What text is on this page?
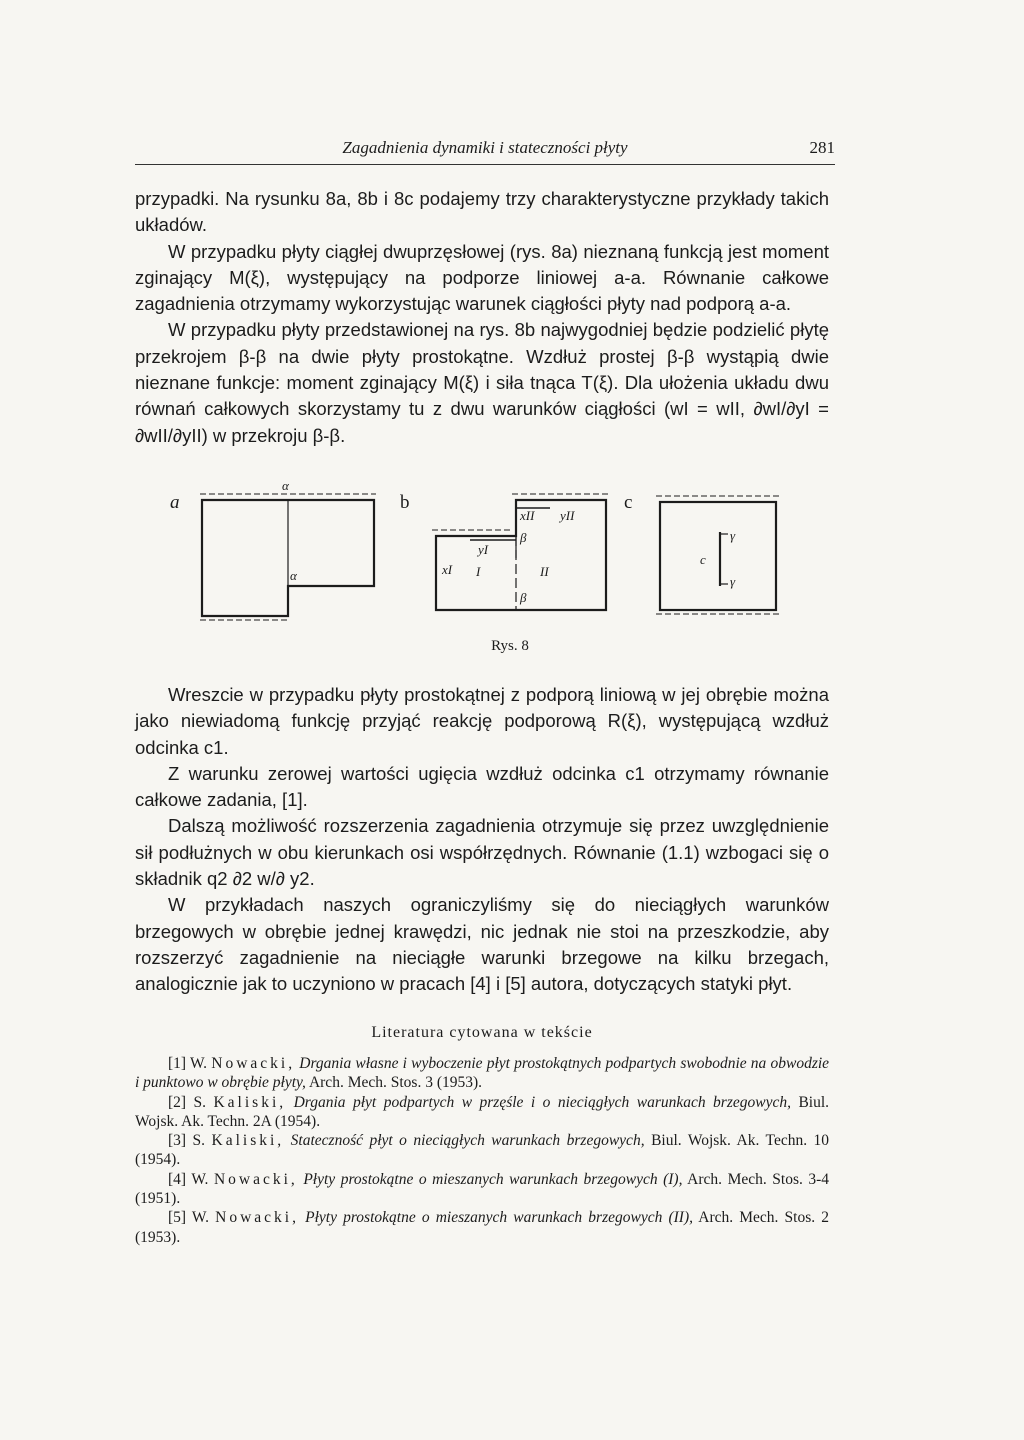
Zagadnienia dynamiki i stateczności płyty	281

przypadki. Na rysunku 8a, 8b i 8c podajemy trzy charakterystyczne przykłady takich układów.

W przypadku płyty ciągłej dwuprzęsłowej (rys. 8a) nieznaną funkcją jest moment zginający M(ξ), występujący na podporze liniowej a-a. Równanie całkowe zagadnienia otrzymamy wykorzystując warunek ciągłości płyty nad podporą a-a.

W przypadku płyty przedstawionej na rys. 8b najwygodniej będzie podzielić płytę przekrojem β-β na dwie płyty prostokątne. Wzdłuż prostej β-β wystąpią dwie nieznane funkcje: moment zginający M(ξ) i siła tnąca T(ξ). Dla ułożenia układu dwu równań całkowych skorzystamy tu z dwu warunków ciągłości (wI = wII, ∂wI/∂yI = ∂wII/∂yII) w przekroju β-β.

a	b	c
α
α
xII yII
yI
xI
β
β
I	II
γ
γ
c
Rys. 8

Wreszcie w przypadku płyty prostokątnej z podporą liniową w jej obrębie można jako niewiadomą funkcję przyjąć reakcję podporową R(ξ), występującą wzdłuż odcinka c1.

Z warunku zerowej wartości ugięcia wzdłuż odcinka c1 otrzymamy równanie całkowe zadania, [1].

Dalszą możliwość rozszerzenia zagadnienia otrzymuje się przez uwzględnienie sił podłużnych w obu kierunkach osi współrzędnych. Równanie (1.1) wzbogaci się o składnik q2 ∂2 w/∂ y2.

W przykładach naszych ograniczyliśmy się do nieciągłych warunków brzegowych w obrębie jednej krawędzi, nic jednak nie stoi na przeszkodzie, aby rozszerzyć zagadnienie na nieciągłe warunki brzegowe na kilku brzegach, analogicznie jak to uczyniono w pracach [4] i [5] autora, dotyczących statyki płyt.

Literatura cytowana w tekście

[1] W. Nowacki, Drgania własne i wyboczenie płyt prostokątnych podpartych swobodnie na obwodzie i punktowo w obrębie płyty, Arch. Mech. Stos. 3 (1953).

[2] S. Kaliski, Drgania płyt podpartych w przęśle i o nieciągłych warunkach brzegowych, Biul. Wojsk. Ak. Techn. 2A (1954).

[3] S. Kaliski, Stateczność płyt o nieciągłych warunkach brzegowych, Biul. Wojsk. Ak. Techn. 10 (1954).

[4] W. Nowacki, Płyty prostokątne o mieszanych warunkach brzegowych (I), Arch. Mech. Stos. 3-4 (1951).

[5] W. Nowacki, Płyty prostokątne o mieszanych warunkach brzegowych (II), Arch. Mech. Stos. 2 (1953).
